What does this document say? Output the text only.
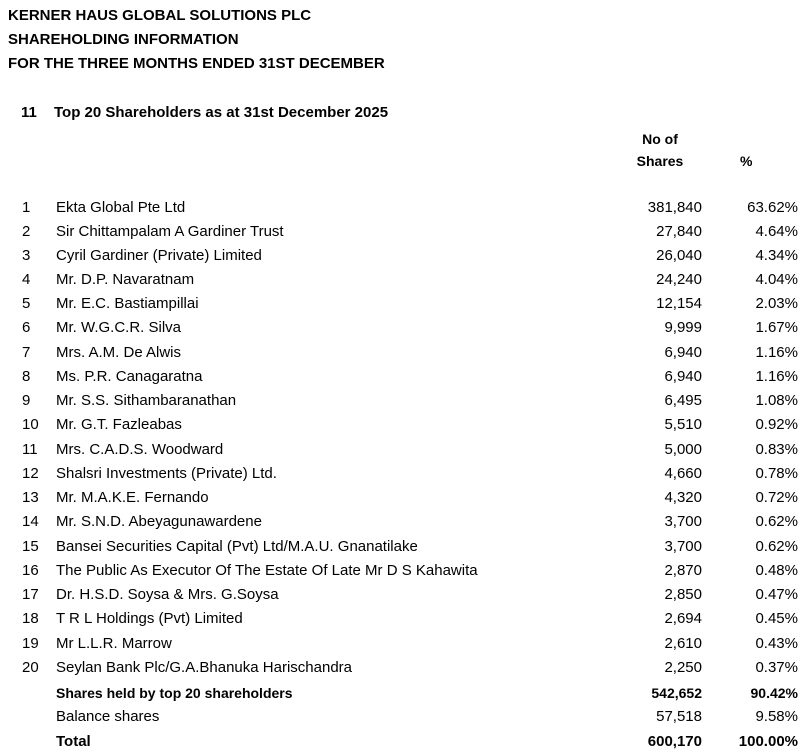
KERNER HAUS GLOBAL SOLUTIONS PLC
SHAREHOLDING INFORMATION
FOR THE THREE MONTHS ENDED 31ST DECEMBER
11 Top 20 Shareholders as at 31st December 2025
No of
Shares	%
1	Ekta Global Pte Ltd	381,840	63.62%
2	Sir Chittampalam A Gardiner Trust	27,840	4.64%
3	Cyril Gardiner (Private) Limited	26,040	4.34%
4	Mr. D.P. Navaratnam	24,240	4.04%
5	Mr. E.C. Bastiampillai	12,154	2.03%
6	Mr. W.G.C.R. Silva	9,999	1.67%
7	Mrs. A.M. De Alwis	6,940	1.16%
8	Ms. P.R. Canagaratna	6,940	1.16%
9	Mr. S.S. Sithambaranathan	6,495	1.08%
10	Mr. G.T. Fazleabas	5,510	0.92%
11	Mrs. C.A.D.S. Woodward	5,000	0.83%
12	Shalsri Investments (Private) Ltd.	4,660	0.78%
13	Mr. M.A.K.E. Fernando	4,320	0.72%
14	Mr. S.N.D. Abeyagunawardene	3,700	0.62%
15	Bansei Securities Capital (Pvt) Ltd/M.A.U. Gnanatilake	3,700	0.62%
16	The Public As Executor Of The Estate Of Late Mr D S Kahawita	2,870	0.48%
17	Dr. H.S.D. Soysa & Mrs. G.Soysa	2,850	0.47%
18	T R L Holdings (Pvt) Limited	2,694	0.45%
19	Mr L.L.R. Marrow	2,610	0.43%
20	Seylan Bank Plc/G.A.Bhanuka Harischandra	2,250	0.37%
Shares held by top 20 shareholders	542,652	90.42%
Balance shares	57,518	9.58%
Total	600,170 100.00%
